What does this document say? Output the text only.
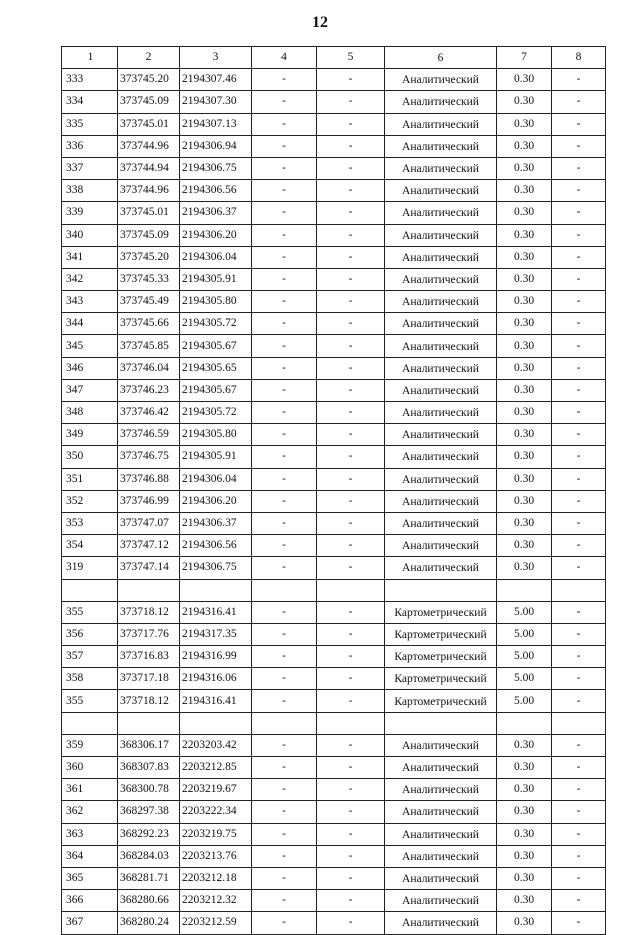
12
1	2	3	4	5	6	7	8
333	373745.20	2194307.46	-	-	Аналитический	0.30	-
334	373745.09	2194307.30	-	-	Аналитический	0.30	-
335	373745.01	2194307.13	-	-	Аналитический	0.30	-
336	373744.96	2194306.94	-	-	Аналитический	0.30	-
337	373744.94	2194306.75	-	-	Аналитический	0.30	-
338	373744.96	2194306.56	-	-	Аналитический	0.30	-
339	373745.01	2194306.37	-	-	Аналитический	0.30	-
340	373745.09	2194306.20	-	-	Аналитический	0.30	-
341	373745.20	2194306.04	-	-	Аналитический	0.30	-
342	373745.33	2194305.91	-	-	Аналитический	0.30	-
343	373745.49	2194305.80	-	-	Аналитический	0.30	-
344	373745.66	2194305.72	-	-	Аналитический	0.30	-
345	373745.85	2194305.67	-	-	Аналитический	0.30	-
346	373746.04	2194305.65	-	-	Аналитический	0.30	-
347	373746.23	2194305.67	-	-	Аналитический	0.30	-
348	373746.42	2194305.72	-	-	Аналитический	0.30	-
349	373746.59	2194305.80	-	-	Аналитический	0.30	-
350	373746.75	2194305.91	-	-	Аналитический	0.30	-
351	373746.88	2194306.04	-	-	Аналитический	0.30	-
352	373746.99	2194306.20	-	-	Аналитический	0.30	-
353	373747.07	2194306.37	-	-	Аналитический	0.30	-
354	373747.12	2194306.56	-	-	Аналитический	0.30	-
319	373747.14	2194306.75	-	-	Аналитический	0.30	-

355	373718.12	2194316.41	-	-	Картометрический	5.00	-
356	373717.76	2194317.35	-	-	Картометрический	5.00	-
357	373716.83	2194316.99	-	-	Картометрический	5.00	-
358	373717.18	2194316.06	-	-	Картометрический	5.00	-
355	373718.12	2194316.41	-	-	Картометрический	5.00	-

359	368306.17	2203203.42	-	-	Аналитический	0.30	-
360	368307.83	2203212.85	-	-	Аналитический	0.30	-
361	368300.78	2203219.67	-	-	Аналитический	0.30	-
362	368297.38	2203222.34	-	-	Аналитический	0.30	-
363	368292.23	2203219.75	-	-	Аналитический	0.30	-
364	368284.03	2203213.76	-	-	Аналитический	0.30	-
365	368281.71	2203212.18	-	-	Аналитический	0.30	-
366	368280.66	2203212.32	-	-	Аналитический	0.30	-
367	368280.24	2203212.59	-	-	Аналитический	0.30	-
